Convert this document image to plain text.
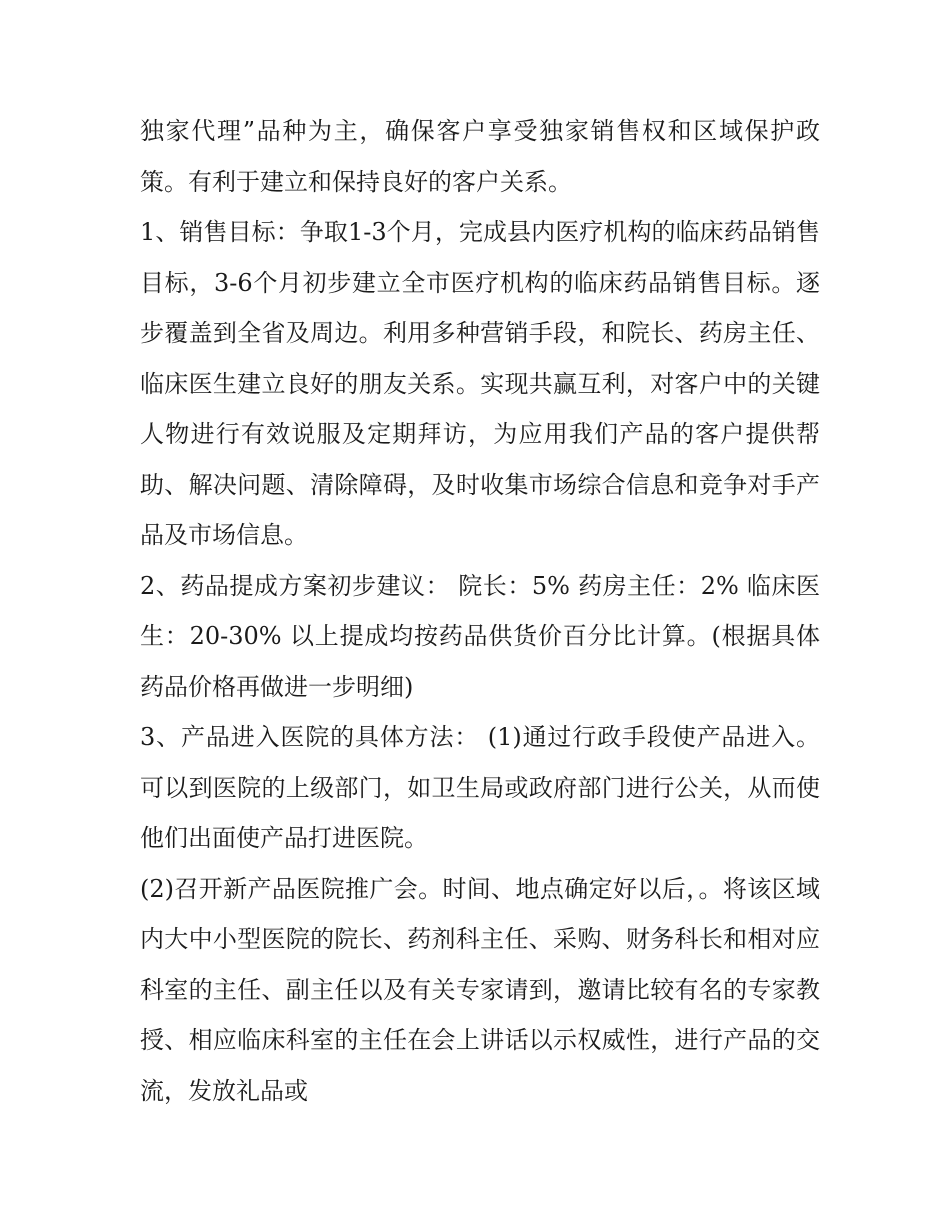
独家代理”品种为主，确保客户享受独家销售权和区域保护政策。有利于建立和保持良好的客户关系。

1、销售目标：争取1-3个月，完成县内医疗机构的临床药品销售目标，3-6个月初步建立全市医疗机构的临床药品销售目标。逐步覆盖到全省及周边。利用多种营销手段，和院长、药房主任、临床医生建立良好的朋友关系。实现共赢互利，对客户中的关键人物进行有效说服及定期拜访，为应用我们产品的客户提供帮助、解决问题、清除障碍，及时收集市场综合信息和竞争对手产品及市场信息。

2、药品提成方案初步建议： 院长：5% 药房主任：2% 临床医生：20-30% 以上提成均按药品供货价百分比计算。(根据具体药品价格再做进一步明细)

3、产品进入医院的具体方法： (1)通过行政手段使产品进入。可以到医院的上级部门，如卫生局或政府部门进行公关，从而使他们出面使产品打进医院。

(2)召开新产品医院推广会。时间、地点确定好以后，。将该区域内大中小型医院的院长、药剂科主任、采购、财务科长和相对应科室的主任、副主任以及有关专家请到，邀请比较有名的专家教授、相应临床科室的主任在会上讲话以示权威性，进行产品的交流，发放礼品或
